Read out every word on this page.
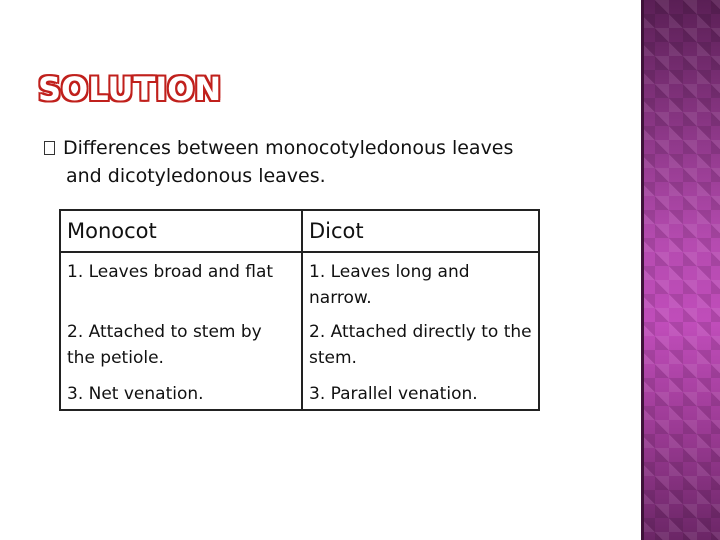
SOLUTION
Differences between monocotyledonous leaves
and dicotyledonous leaves.
Monocot	Dicot
1. Leaves broad and flat	1. Leaves long and narrow.
2. Attached to stem by the petiole.	2. Attached directly to the stem.
3. Net venation.	3. Parallel venation.
